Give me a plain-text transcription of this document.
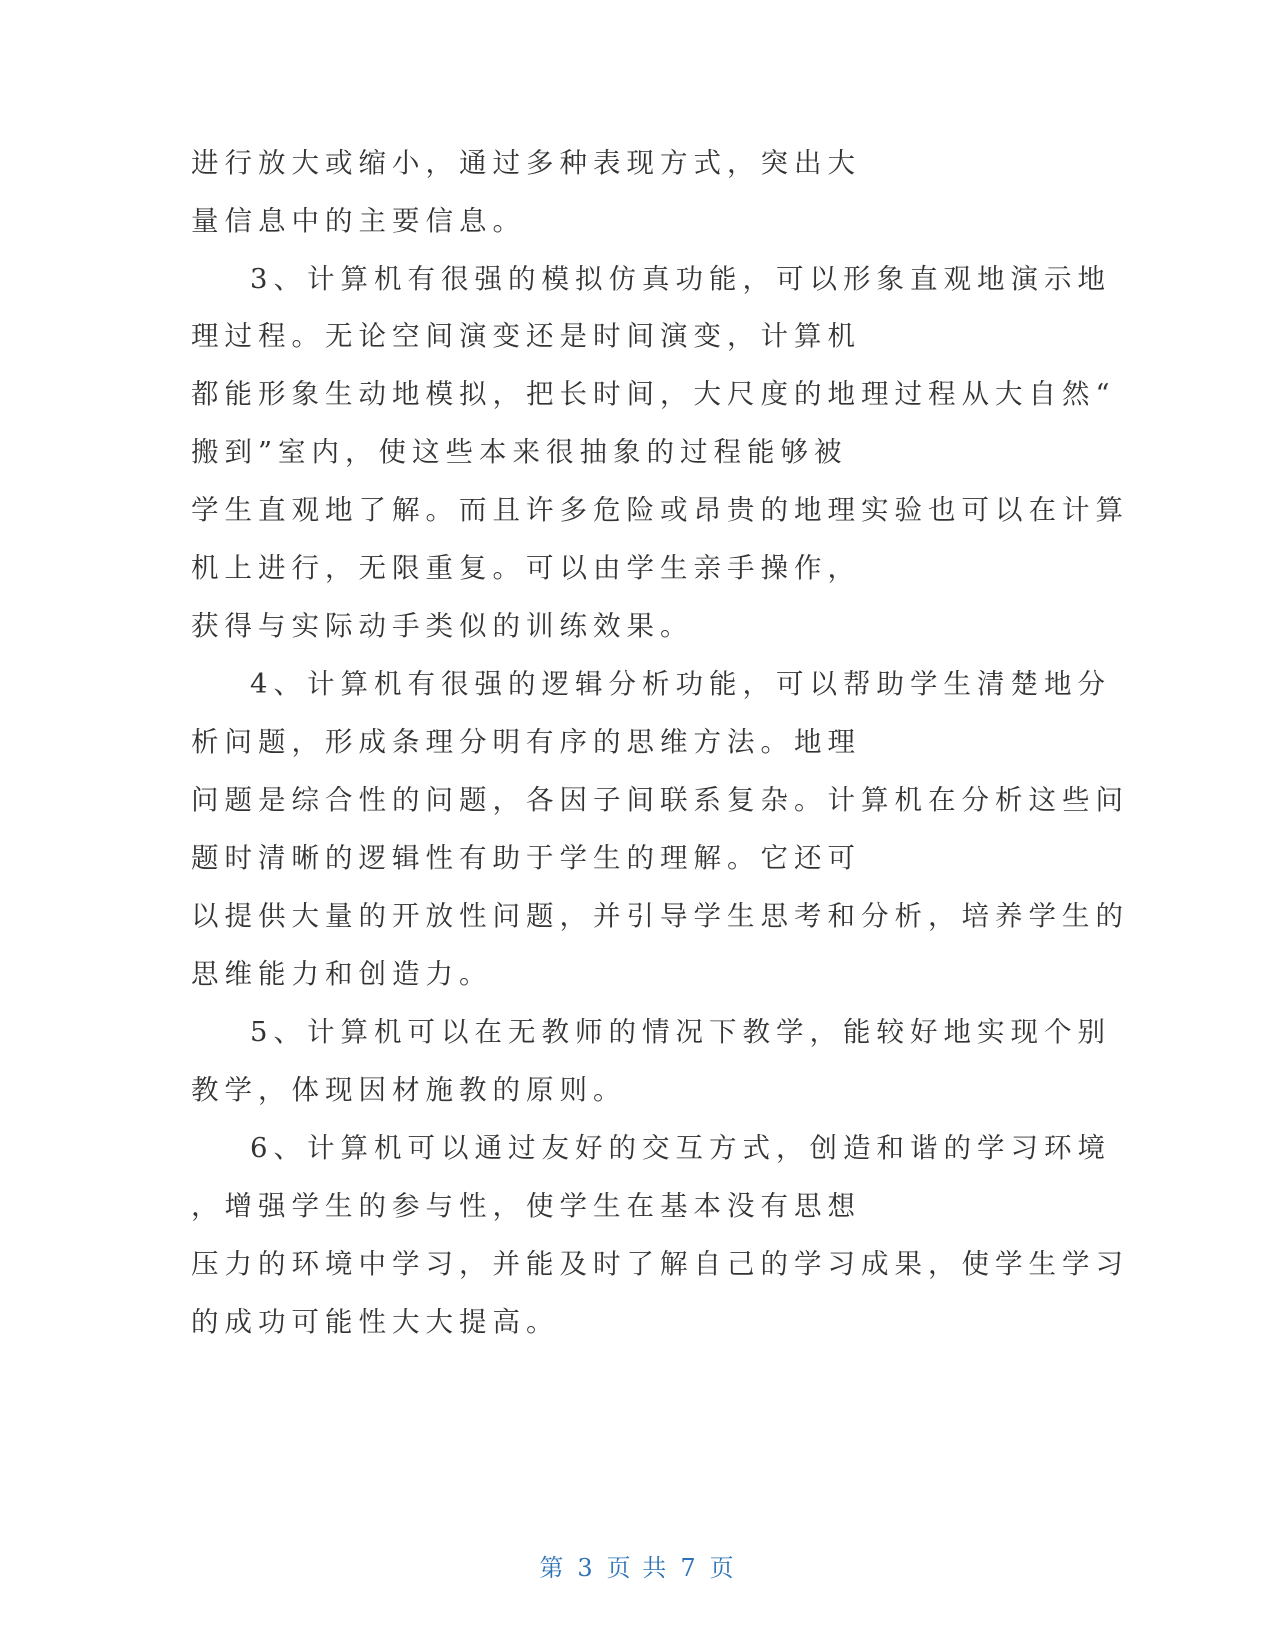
进行放大或缩小，通过多种表现方式，突出大
量信息中的主要信息。
3、计算机有很强的模拟仿真功能，可以形象直观地演示地
理过程。无论空间演变还是时间演变，计算机
都能形象生动地模拟，把长时间，大尺度的地理过程从大自然“
搬到”室内，使这些本来很抽象的过程能够被
学生直观地了解。而且许多危险或昂贵的地理实验也可以在计算
机上进行，无限重复。可以由学生亲手操作，
获得与实际动手类似的训练效果。
4、计算机有很强的逻辑分析功能，可以帮助学生清楚地分
析问题，形成条理分明有序的思维方法。地理
问题是综合性的问题，各因子间联系复杂。计算机在分析这些问
题时清晰的逻辑性有助于学生的理解。它还可
以提供大量的开放性问题，并引导学生思考和分析，培养学生的
思维能力和创造力。
5、计算机可以在无教师的情况下教学，能较好地实现个别
教学，体现因材施教的原则。
6、计算机可以通过友好的交互方式，创造和谐的学习环境
，增强学生的参与性，使学生在基本没有思想
压力的环境中学习，并能及时了解自己的学习成果，使学生学习
的成功可能性大大提高。
第 3 页 共 7 页
